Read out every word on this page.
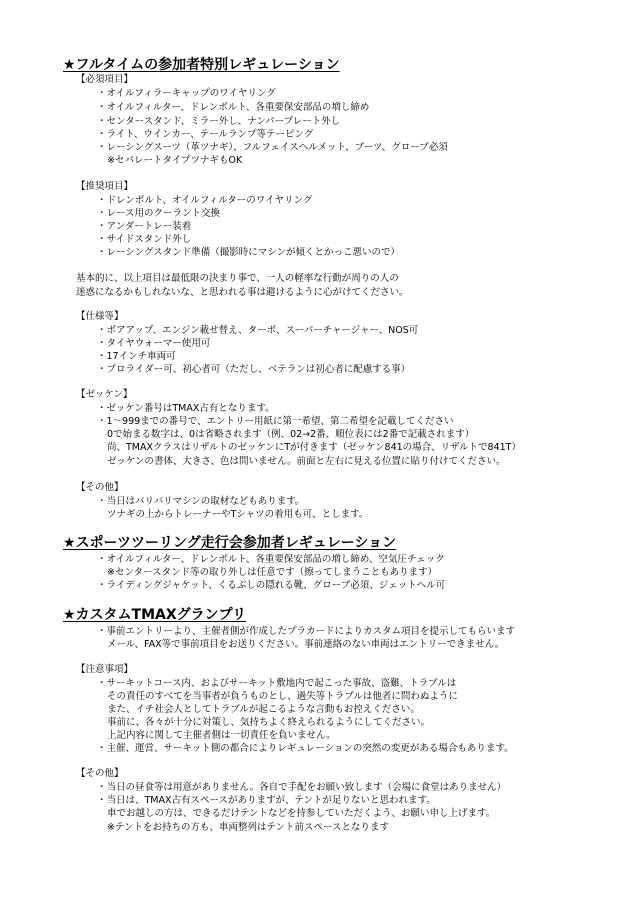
★フルタイムの参加者特別レギュレーション
【必須項目】
・オイルフィラーキャップのワイヤリング
・オイルフィルター、ドレンボルト、各重要保安部品の増し締め
・センタースタンド、ミラー外し、ナンバープレート外し
・ライト、ウインカー、テールランプ等テーピング
・レーシングスーツ（革ツナギ）、フルフェイスヘルメット、ブーツ、グローブ必須
※セパレートタイプツナギもOK
【推奨項目】
・ドレンボルト、オイルフィルターのワイヤリング
・レース用のクーラント交換
・アンダートレー装着
・サイドスタンド外し
・レーシングスタンド準備（撮影時にマシンが傾くとかっこ悪いので）
基本的に、以上項目は最低限の決まり事で、一人の軽率な行動が周りの人の
迷惑になるかもしれないな、と思われる事は避けるように心がけてください。
【仕様等】
・ボアアップ、エンジン載せ替え、ターボ、スーパーチャージャー、NOS可
・タイヤウォーマー使用可
・17インチ車両可
・プロライダー可、初心者可（ただし、ベテランは初心者に配慮する事）
【ゼッケン】
・ゼッケン番号はTMAX占有となります。
・1～999までの番号で、エントリー用紙に第一希望、第二希望を記載してください
0で始まる数字は、0は省略されます（例、02→2番、順位表には2番で記載されます）
尚、TMAXクラスはリザルトのゼッケンにTが付きます（ゼッケン841の場合、リザルトで841T）
ゼッケンの書体、大きさ、色は問いません。前面と左右に見える位置に貼り付けてください。
【その他】
・当日はバリバリマシンの取材などもあります。
ツナギの上からトレーナーやTシャツの着用も可、とします。
★スポーツツーリング走行会参加者レギュレーション
・オイルフィルター、ドレンボルト、各重要保安部品の増し締め、空気圧チェック
※センタースタンド等の取り外しは任意です（擦ってしまうこともあります）
・ライディングジャケット、くるぶしの隠れる靴、グローブ必須、ジェットヘル可
★カスタムTMAXグランプリ
・事前エントリーより、主催者側が作成したプラカードによりカスタム項目を提示してもらいます
メール、FAX等で事前項目をお送りください。事前連絡のない車両はエントリーできません。
【注意事項】
・サーキットコース内、およびサーキット敷地内で起こった事故、盗難、トラブルは
その責任のすべてを当事者が負うものとし、過失等トラブルは他者に問わぬように
また、イチ社会人としてトラブルが起こるような言動もお控えください。
事前に、各々が十分に対策し、気持ちよく終えられるようにしてください。
上記内容に関して主催者側は一切責任を負いません。
・主催、運営、サーキット側の都合によりレギュレーションの突然の変更がある場合もあります。
【その他】
・当日の昼食等は用意がありません。各自で手配をお願い致します（会場に食堂はありません）
・当日は、TMAX占有スペースがありますが、テントが足りないと思われます。
車でお越しの方は、できるだけテントなどを持参していただくよう、お願い申し上げます。
※テントをお持ちの方も、車両整列はテント前スペースとなります
